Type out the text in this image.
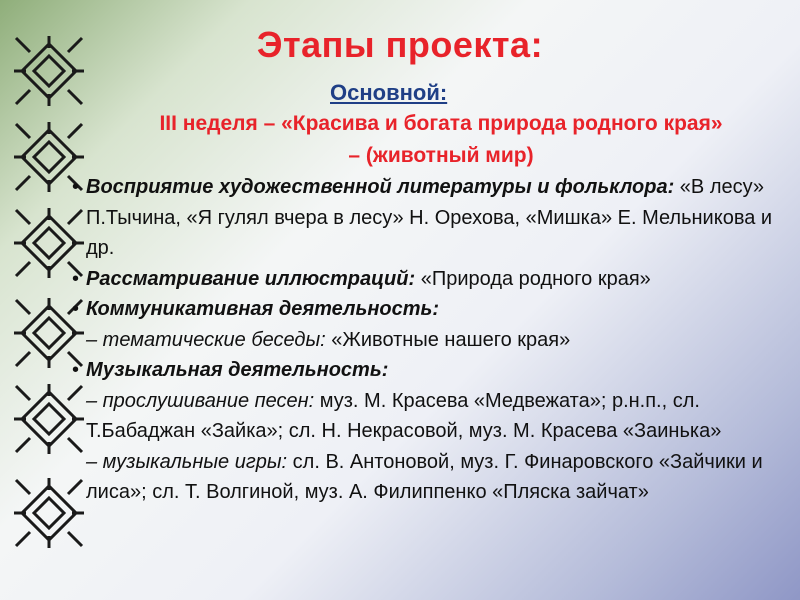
Этапы проекта:
Основной:
III неделя – «Красива и богата природа родного края»
– (животный мир)
• Восприятие художественной литературы и фольклора: «В лесу» П.Тычина, «Я гулял вчера в лесу» Н. Орехова, «Мишка» Е. Мельникова и др.
• Рассматривание иллюстраций: «Природа родного края»
• Коммуникативная деятельность:
– тематические беседы: «Животные нашего края»
• Музыкальная деятельность:
– прослушивание песен: муз. М. Красева «Медвежата»; р.н.п., сл. Т.Бабаджан «Зайка»; сл. Н. Некрасовой, муз. М. Красева «Заинька»
– музыкальные игры: сл. В. Антоновой, муз. Г. Финаровского «Зайчики и лиса»; сл. Т. Волгиной, муз. А. Филиппенко «Пляска зайчат»
